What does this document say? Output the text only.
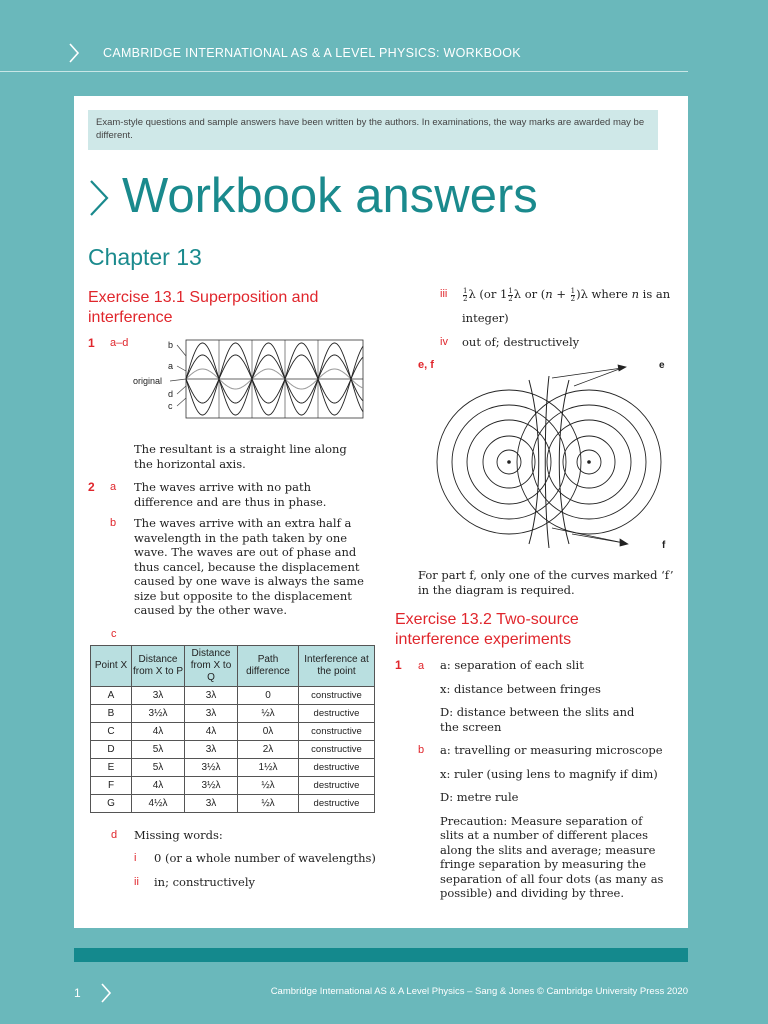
CAMBRIDGE INTERNATIONAL AS & A LEVEL PHYSICS: WORKBOOK
Exam-style questions and sample answers have been written by the authors. In examinations, the way marks are awarded may be different.
Workbook answers
Chapter 13
Exercise 13.1 Superposition and
interference
1 a–d	b
a
original
d
c
The resultant is a straight line along the horizontal axis.
2 a The waves arrive with no path difference and are thus in phase.
b The waves arrive with an extra half a wavelength in the path taken by one wave. The waves are out of phase and thus cancel, because the displacement caused by one wave is always the same size but opposite to the displacement caused by the other wave.
c
Point X	Distance from X to P	Distance from X to Q	Path difference	Interference at the point
A	3λ	3λ	0	constructive
B	3½λ	3λ	½λ	destructive
C	4λ	4λ	0λ	constructive
D	5λ	3λ	2λ	constructive
E	5λ	3½λ	1½λ	destructive
F	4λ	3½λ	½λ	destructive
G	4½λ	3λ	½λ	destructive
d Missing words:
i 0 (or a whole number of wavelengths)
ii in; constructively
iii $\frac{1}{2}$ λ (or $1 \frac{1}{2}$ λ or $(n + \frac{1}{2} )\lambda$ where n is an
integer)
iv out of; destructively
e, f	e
f
For part f, only one of the curves marked ‘f’ in the diagram is required.
Exercise 13.2 Two-source
interference experiments
1 a a: separation of each slit
x: distance between fringes
D: distance between the slits and the screen
b a: travelling or measuring microscope
x: ruler (using lens to magnify if dim)
D: metre rule
Precaution: Measure separation of slits at a number of different places along the slits and average; measure fringe separation by measuring the separation of all four dots (as many as possible) and dividing by three.
1	Cambridge International AS & A Level Physics – Sang & Jones © Cambridge University Press 2020
